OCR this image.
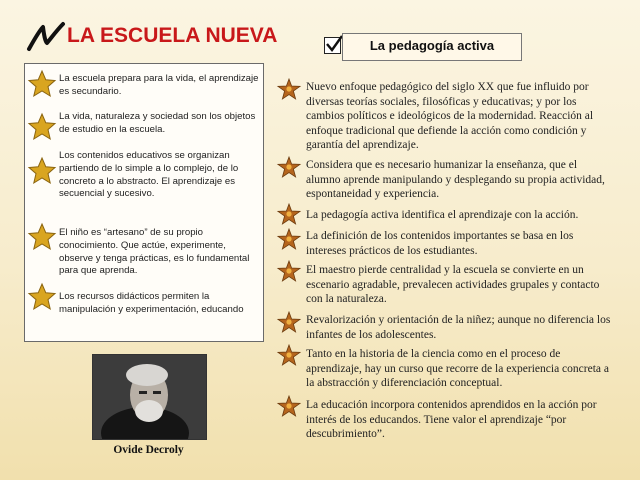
LA ESCUELA NUEVA	La pedagogía activa
La escuela prepara para la vida, el aprendizaje es secundario.
La vida, naturaleza y sociedad son los objetos de estudio en la escuela.
Los contenidos educativos se organizan partiendo de lo simple a lo complejo, de lo concreto a lo abstracto. El aprendizaje es secuencial y sucesivo.
El niño es “artesano” de su propio conocimiento. Que actúe, experimente, observe y tenga prácticas, es lo fundamental para que aprenda.
Los recursos didácticos permiten la manipulación y experimentación, educando
Ovide Decroly
Nuevo enfoque pedagógico del siglo XX que fue influido por diversas teorías sociales, filosóficas y educativas; y por los cambios políticos e ideológicos de la modernidad. Reacción al enfoque tradicional que defiende la acción como condición y garantía del aprendizaje.
Considera que es necesario humanizar la enseñanza, que el alumno aprende manipulando y desplegando su propia actividad, espontaneidad y experiencia.
La pedagogía activa identifica el aprendizaje con la acción.
La definición de los contenidos importantes se basa en los intereses prácticos de los estudiantes.
El maestro pierde centralidad y la escuela se convierte en un escenario agradable, prevalecen actividades grupales y contacto con la naturaleza.
Revalorización y orientación de la niñez; aunque no diferencia los infantes de los adolescentes.
Tanto en la historia de la ciencia como en el proceso de aprendizaje, hay un curso que recorre de la experiencia concreta a la abstracción y diferenciación conceptual.
La educación incorpora contenidos aprendidos en la acción por interés de los educandos. Tiene valor el aprendizaje “por descubrimiento”.
